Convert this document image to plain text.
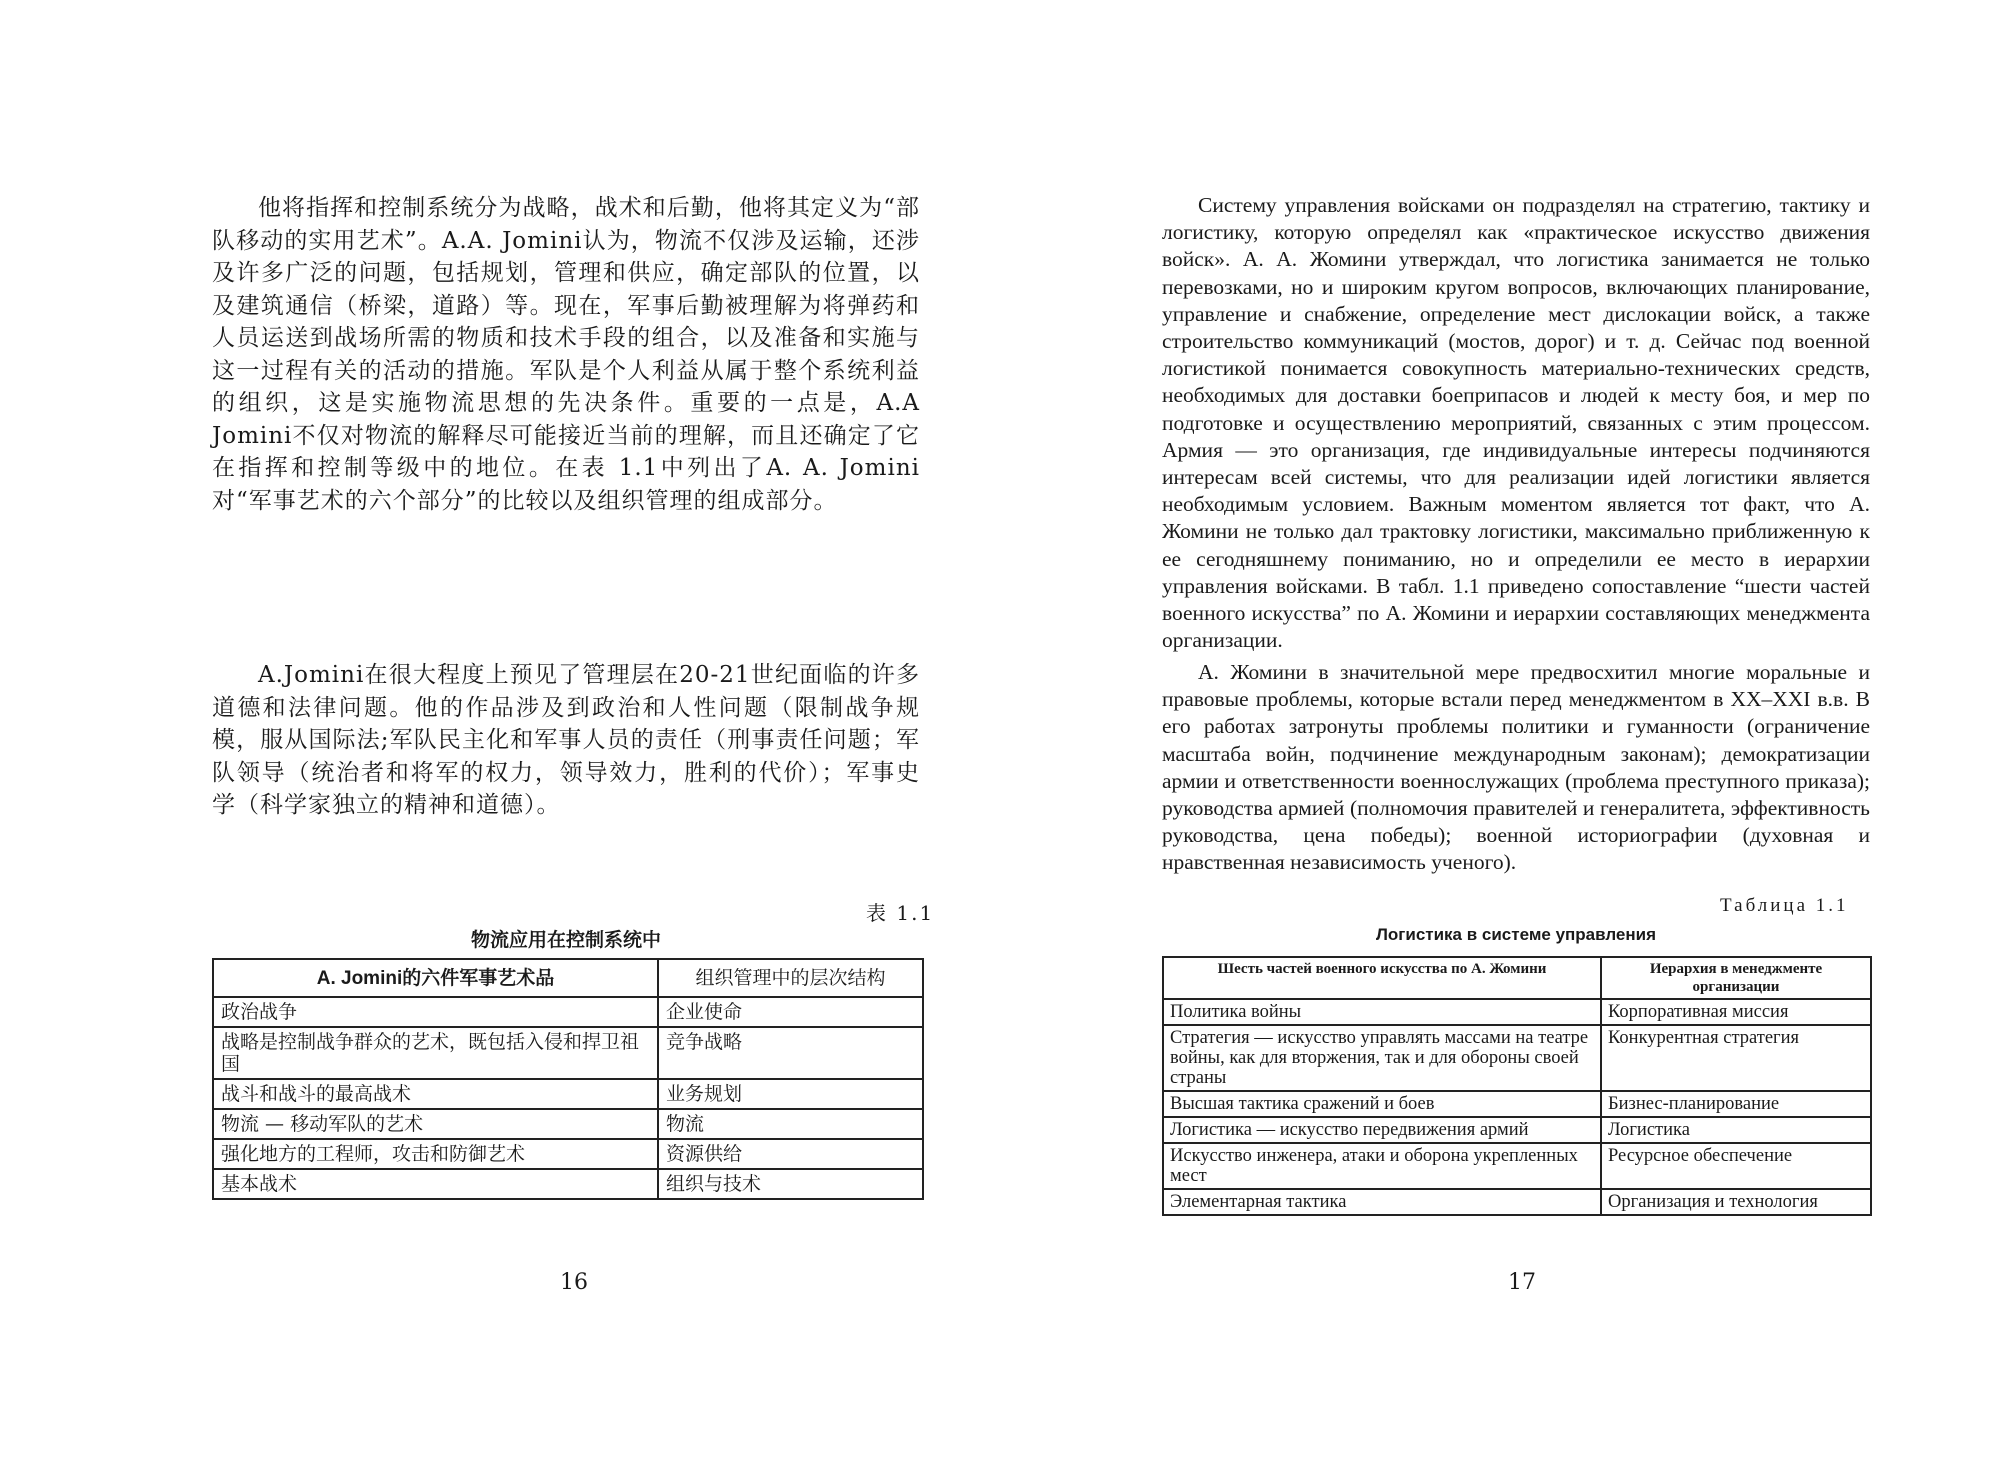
他将指挥和控制系统分为战略，战术和后勤，他将其定义为“部队移动的实用艺术”。A.A. Jomini认为，物流不仅涉及运输，还涉及许多广泛的问题，包括规划，管理和供应，确定部队的位置，以及建筑通信（桥梁，道路）等。现在，军事后勤被理解为将弹药和人员运送到战场所需的物质和技术手段的组合，以及准备和实施与这一过程有关的活动的措施。军队是个人利益从属于整个系统利益的组织，这是实施物流思想的先决条件。重要的一点是，A.A Jomini不仅对物流的解释尽可能接近当前的理解，而且还确定了它在指挥和控制等级中的地位。在表 1.1中列出了A. A. Jomini对“军事艺术的六个部分”的比较以及组织管理的组成部分。

A.Jomini在很大程度上预见了管理层在20-21世纪面临的许多道德和法律问题。他的作品涉及到政治和人性问题（限制战争规模，服从国际法;军队民主化和军事人员的责任（刑事责任问题；军队领导（统治者和将军的权力，领导效力，胜利的代价）；军事史学（科学家独立的精神和道德）。

表 1.1

物流应用在控制系统中

A. Jomini的六件军事艺术品	组织管理中的层次结构
政治战争	企业使命
战略是控制战争群众的艺术，既包括入侵和捍卫祖国	竞争战略
战斗和战斗的最高战术	业务规划
物流 — 移动军队的艺术	物流
强化地方的工程师，攻击和防御艺术	资源供给
基本战术	组织与技术
16

Систему управления войсками он подразделял на стратегию, тактику и логистику, которую определял как «практическое искусство движения войск». А. А. Жомини утверждал, что логистика занимается не только перевозками, но и широким кругом вопросов, включающих планирование, управление и снабжение, определение мест дислокации войск, а также строительство коммуникаций (мостов, дорог) и т. д. Сейчас под военной логистикой понимается совокупность материально-технических средств, необходимых для доставки боеприпасов и людей к месту боя, и мер по подготовке и осуществлению мероприятий, связанных с этим процессом. Армия — это организация, где индивидуальные интересы подчиняются интересам всей системы, что для реализации идей логистики является необходимым условием. Важным моментом является тот факт, что А. Жомини не только дал трактовку логистики, максимально приближенную к ее сегодняшнему пониманию, но и определили ее место в иерархии управления войсками. В табл. 1.1 приведено сопоставление “шести частей военного искусства” по А. Жомини и иерархии составляющих менеджмента организации.

А. Жомини в значительной мере предвосхитил многие моральные и правовые проблемы, которые встали перед менеджментом в XX–XXI в.в. В его работах затронуты проблемы политики и гуманности (ограничение масштаба войн, подчинение международным законам); демократизации армии и ответственности военнослужащих (проблема преступного приказа); руководства армией (полномочия правителей и генералитета, эффективность руководства, цена победы); военной историографии (духовная и нравственная независимость ученого).

Таблица 1.1

Логистика в системе управления

Шесть частей военного искусства по А. Жомини	Иерархия в менеджменте организации
Политика войны	Корпоративная миссия
Стратегия — искусство управлять массами на театре войны, как для вторжения, так и для обороны своей страны	Конкурентная стратегия
Высшая тактика сражений и боев	Бизнес-планирование
Логистика — искусство передвижения армий	Логистика
Искусство инженера, атаки и оборона укрепленных мест	Ресурсное обеспечение
Элементарная тактика	Организация и технология
17
